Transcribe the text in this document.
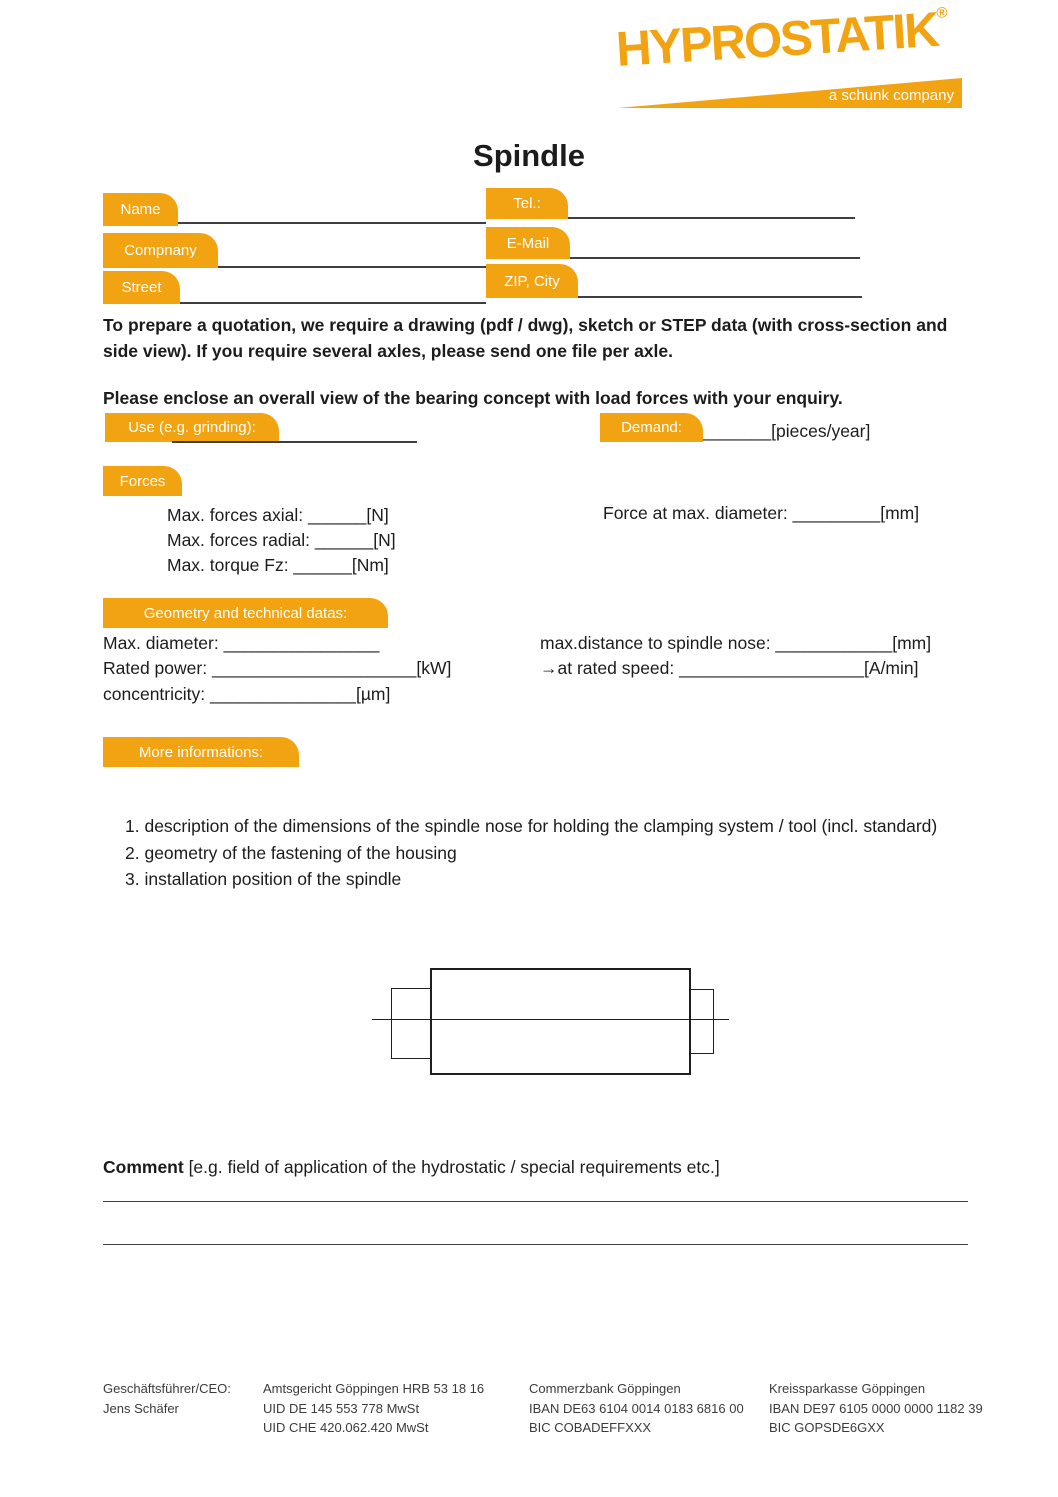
HYPROSTATIK®
a schunk company
Spindle
Name
Compnany
Street
Tel.:
E-Mail
ZIP, City
To prepare a quotation, we require a drawing (pdf / dwg), sketch or STEP data (with cross-section and side view). If you require several axles, please send one file per axle.
Please enclose an overall view of the bearing concept with load forces with your enquiry.
Use (e.g. grinding):	Demand:	_______[pieces/year]
Forces
Max. forces axial: ______[N]
Max. forces radial: ______[N]
Max. torque Fz: ______[Nm]
Force at max. diameter: _________[mm]
Geometry and technical datas:
Max. diameter: ________________
Rated power: _____________________[kW]
concentricity: _______________[µm]
max.distance to spindle nose: ____________[mm]
→at rated speed: ___________________[A/min]
More informations:
1. description of the dimensions of the spindle nose for holding the clamping system / tool (incl. standard)
2. geometry of the fastening of the housing
3. installation position of the spindle
Comment [e.g. field of application of the hydrostatic / special requirements etc.]
Geschäftsführer/CEO:
Jens Schäfer
Amtsgericht Göppingen HRB 53 18 16
UID DE 145 553 778 MwSt
UID CHE 420.062.420 MwSt
Commerzbank Göppingen
IBAN DE63 6104 0014 0183 6816 00
BIC COBADEFFXXX
Kreissparkasse Göppingen
IBAN DE97 6105 0000 0000 1182 39
BIC GOPSDE6GXX
